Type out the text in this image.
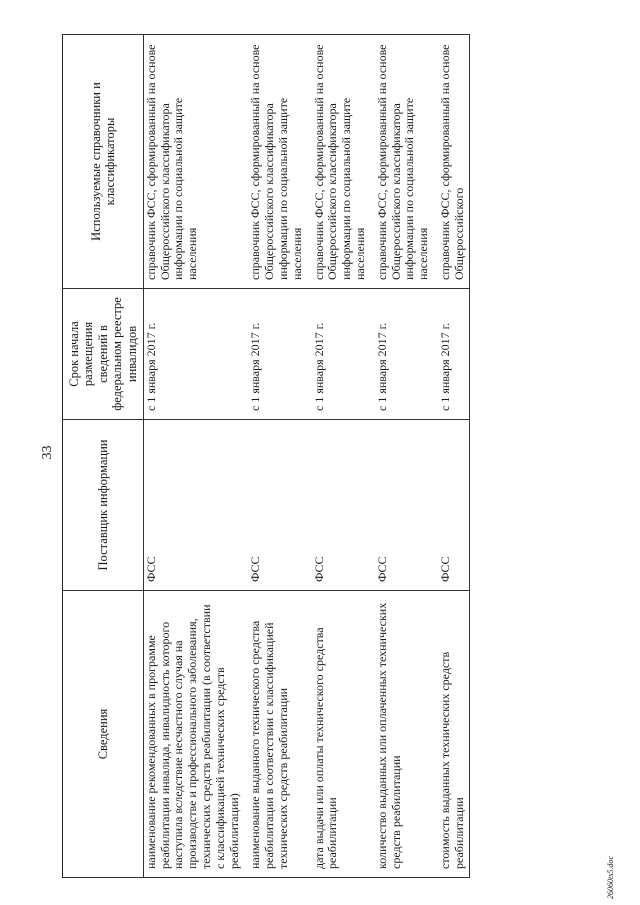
33
Сведения	Поставщик информации	Срок начала размещения сведений в федеральном реестре инвалидов	Используемые справочники и классификаторы
наименование рекомендованных в программе реабилитации инвалида, инвалидность которого наступила вследствие несчастного случая на производстве и профессионального заболевания, технических средств реабилитации (в соответствии с классификацией технических средств реабилитации)	ФСС	с 1 января 2017 г.	справочник ФСС, сформированный на основе Общероссийского классификатора информации по социальной защите населения
наименование выданного технического средства реабилитации в соответствии с классификацией технических средств реабилитации	ФСС	с 1 января 2017 г.	справочник ФСС, сформированный на основе Общероссийского классификатора информации по социальной защите населения
дата выдачи или оплаты технического средства реабилитации	ФСС	с 1 января 2017 г.	справочник ФСС, сформированный на основе Общероссийского классификатора информации по социальной защите населения
количество выданных или оплаченных технических средств реабилитации	ФСС	с 1 января 2017 г.	справочник ФСС, сформированный на основе Общероссийского классификатора информации по социальной защите населения
стоимость выданных технических средств реабилитации	ФСС	с 1 января 2017 г.	справочник ФСС, сформированный на основе Общероссийского
26060ts5.doc
